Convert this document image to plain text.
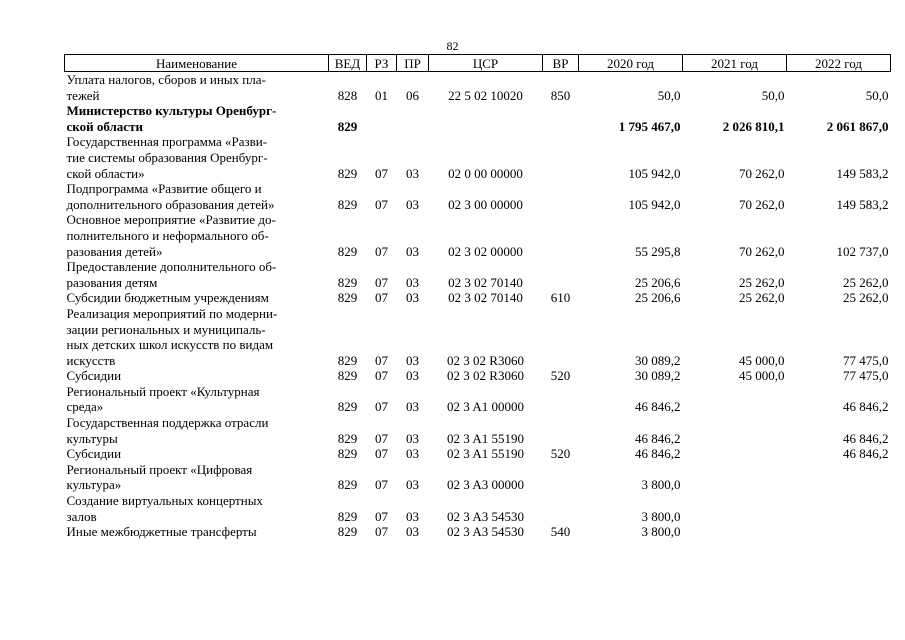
82
Наименование	ВЕД	РЗ	ПР	ЦСР	ВР	2020 год	2021 год	2022 год

Уплата налогов, сборов и иных пла-
тежей	828	01	06	22 5 02 10020	850	50,0	50,0	50,0

Министерство культуры Оренбург-
ской области	829					1 795 467,0	2 026 810,1	2 061 867,0

Государственная программа «Разви-
тие системы образования Оренбург-
ской области»	829	07	03	02 0 00 00000		105 942,0	70 262,0	149 583,2

Подпрограмма «Развитие общего и
дополнительного образования детей»	829	07	03	02 3 00 00000		105 942,0	70 262,0	149 583,2

Основное мероприятие «Развитие до-
полнительного и неформального об-
разования детей»	829	07	03	02 3 02 00000		55 295,8	70 262,0	102 737,0

Предоставление дополнительного об-
разования детям	829	07	03	02 3 02 70140		25 206,6	25 262,0	25 262,0

Субсидии бюджетным учреждениям	829	07	03	02 3 02 70140	610	25 206,6	25 262,0	25 262,0

Реализация мероприятий по модерни-
зации региональных и муниципаль-
ных детских школ искусств по видам
искусств	829	07	03	02 3 02 R3060		30 089,2	45 000,0	77 475,0

Субсидии	829	07	03	02 3 02 R3060	520	30 089,2	45 000,0	77 475,0

Региональный проект «Культурная
среда»	829	07	03	02 3 A1 00000		46 846,2		46 846,2

Государственная поддержка отрасли
культуры	829	07	03	02 3 A1 55190		46 846,2		46 846,2

Субсидии	829	07	03	02 3 A1 55190	520	46 846,2		46 846,2

Региональный проект «Цифровая
культура»	829	07	03	02 3 A3 00000		3 800,0		

Создание виртуальных концертных
залов	829	07	03	02 3 A3 54530		3 800,0		

Иные межбюджетные трансферты	829	07	03	02 3 A3 54530	540	3 800,0		
